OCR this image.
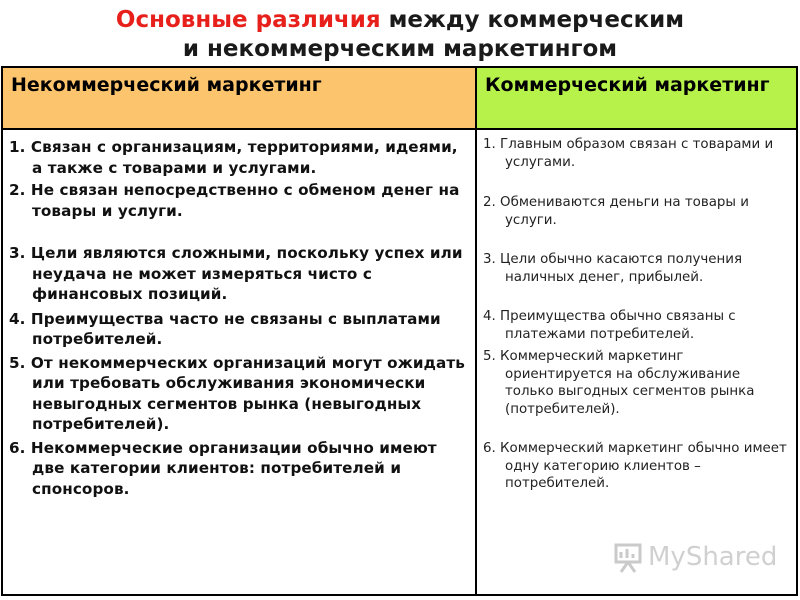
Основные различия между коммерческим
и некоммерческим маркетингом
Некоммерческий маркетинг	Коммерческий маркетинг
1. Связан с организациям, территориями, идеями, а также с товарами и услугами.
2. Не связан непосредственно с обменом денег на товары и услуги.
3. Цели являются сложными, поскольку успех или неудача не может измеряться чисто с финансовых позиций.
4. Преимущества часто не связаны с выплатами потребителей.
5. От некоммерческих организаций могут ожидать или требовать обслуживания экономически невыгодных сегментов рынка (невыгодных потребителей).
6. Некоммерческие организации обычно имеют две категории клиентов: потребителей и спонсоров.
1. Главным образом связан с товарами и услугами.
2. Обмениваются деньги на товары и услуги.
3. Цели обычно касаются получения наличных денег, прибылей.
4. Преимущества обычно связаны с платежами потребителей.
5. Коммерческий маркетинг ориентируется на обслуживание только выгодных сегментов рынка (потребителей).
6. Коммерческий маркетинг обычно имеет одну категорию клиентов – потребителей.
MyShared
